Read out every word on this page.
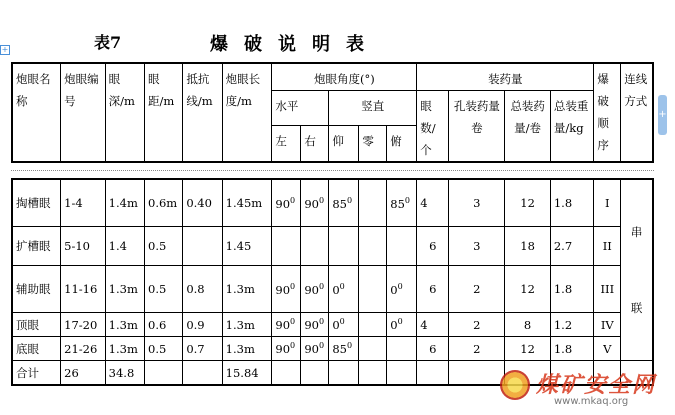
表7	爆破说明表
+
+
炮眼名称	炮眼编号	眼深/m	眼距/m	抵抗线/m	炮眼长度/m	炮眼角度(°)					装药量				爆破顺序	连线方式
						水平		竖直			眼数/个	孔装药量卷	总装药量/卷	总装重量/kg		
						左	右	仰	零	俯						
掏槽眼	1-4	1.4m	0.6m	0.40	1.45m	$90^0$	$90^0$	$85^0$		$85^0$	4	3	12	1.8	I	串
联

扩槽眼	5-10	1.4	0.5		1.45						6	3	18	2.7	II	
辅助眼	11-16	1.3m	0.5	0.8	1.3m	$90^0$	$90^0$	$0^0$		$0^0$	6	2	12	1.8	III	
顶眼	17-20	1.3m	0.6	0.9	1.3m	$90^0$	$90^0$	$0^0$		$0^0$	4	2	8	1.2	IV	
底眼	21-26	1.3m	0.5	0.7	1.3m	$90^0$	$90^0$	$85^0$			6	2	12	1.8	V	
合计	26	34.8			15.84												煤矿安全网
www.mkaq.org
